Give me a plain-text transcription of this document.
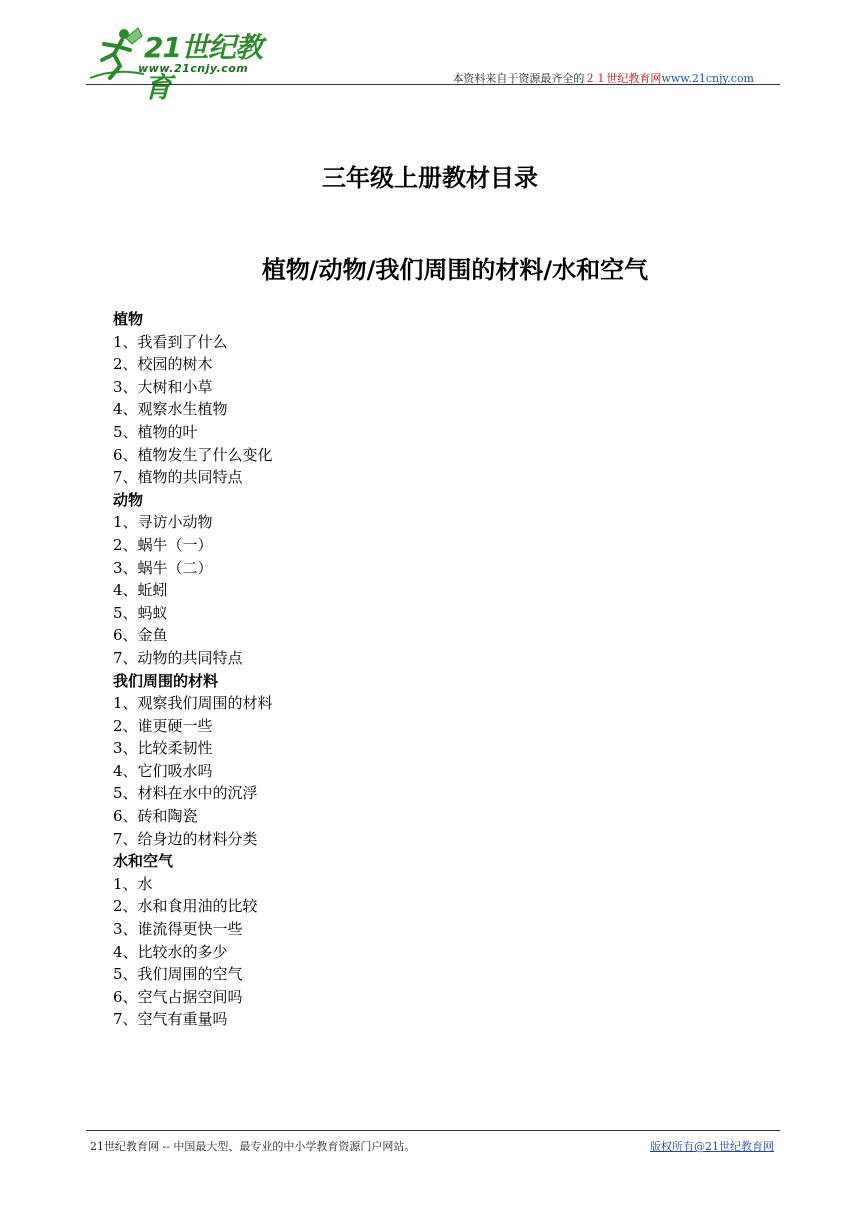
21世纪教育
www.21cnjy.com
本资料来自于资源最齐全的２１世纪教育网www.21cnjy.com
三年级上册教材目录
植物/动物/我们周围的材料/水和空气
植物
1、我看到了什么
2、校园的树木
3、大树和小草
4、观察水生植物
5、植物的叶
6、植物发生了什么变化
7、植物的共同特点
动物
1、寻访小动物
2、蜗牛（一）
3、蜗牛（二）
4、蚯蚓
5、蚂蚁
6、金鱼
7、动物的共同特点
我们周围的材料
1、观察我们周围的材料
2、谁更硬一些
3、比较柔韧性
4、它们吸水吗
5、材料在水中的沉浮
6、砖和陶瓷
7、给身边的材料分类
水和空气
1、水
2、水和食用油的比较
3、谁流得更快一些
4、比较水的多少
5、我们周围的空气
6、空气占据空间吗
7、空气有重量吗
21世纪教育网 -- 中国最大型、最专业的中小学教育资源门户网站。	版权所有@21世纪教育网
